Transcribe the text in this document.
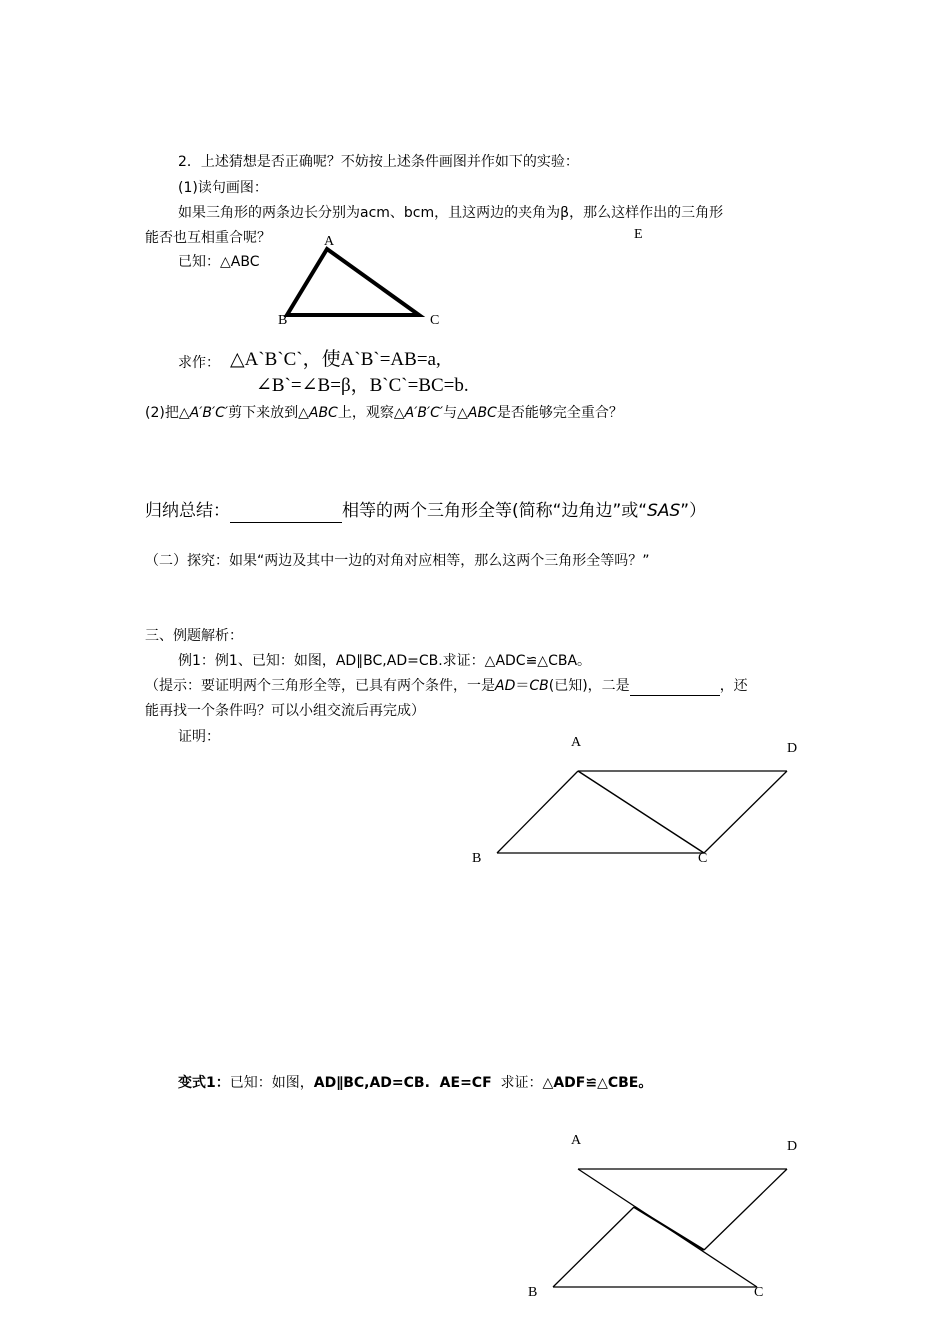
2．上述猜想是否正确呢？不妨按上述条件画图并作如下的实验：
(1)读句画图：
如果三角形的两条边长分别为acm、bcm，且这两边的夹角为β，那么这样作出的三角形
能否也互相重合呢？
已知：△ABC
A
B	C
E
求作： △A`B`C`，使A`B`=AB=a,
∠B`=∠B=β，B`C`=BC=b.
(2)把△A′B′C′剪下来放到△ABC上，观察△A′B′C′与△ABC是否能够完全重合？
归纳总结：	相等的两个三角形全等(简称“边角边”或“SAS”）
（二）探究：如果“两边及其中一边的对角对应相等，那么这两个三角形全等吗？”
三、例题解析：
例1：例1、已知：如图，AD∥BC,AD=CB.求证：△ADC≌△CBA。
（提示：要证明两个三角形全等，已具有两个条件，一是AD＝CB(已知)，二是	，还
能再找一个条件吗？可以小组交流后再完成）
证明：	A	D
B	C
变式1：已知：如图，AD∥BC,AD=CB.  AE=CF  求证：△ADF≌△CBE。
A	D
B	C
